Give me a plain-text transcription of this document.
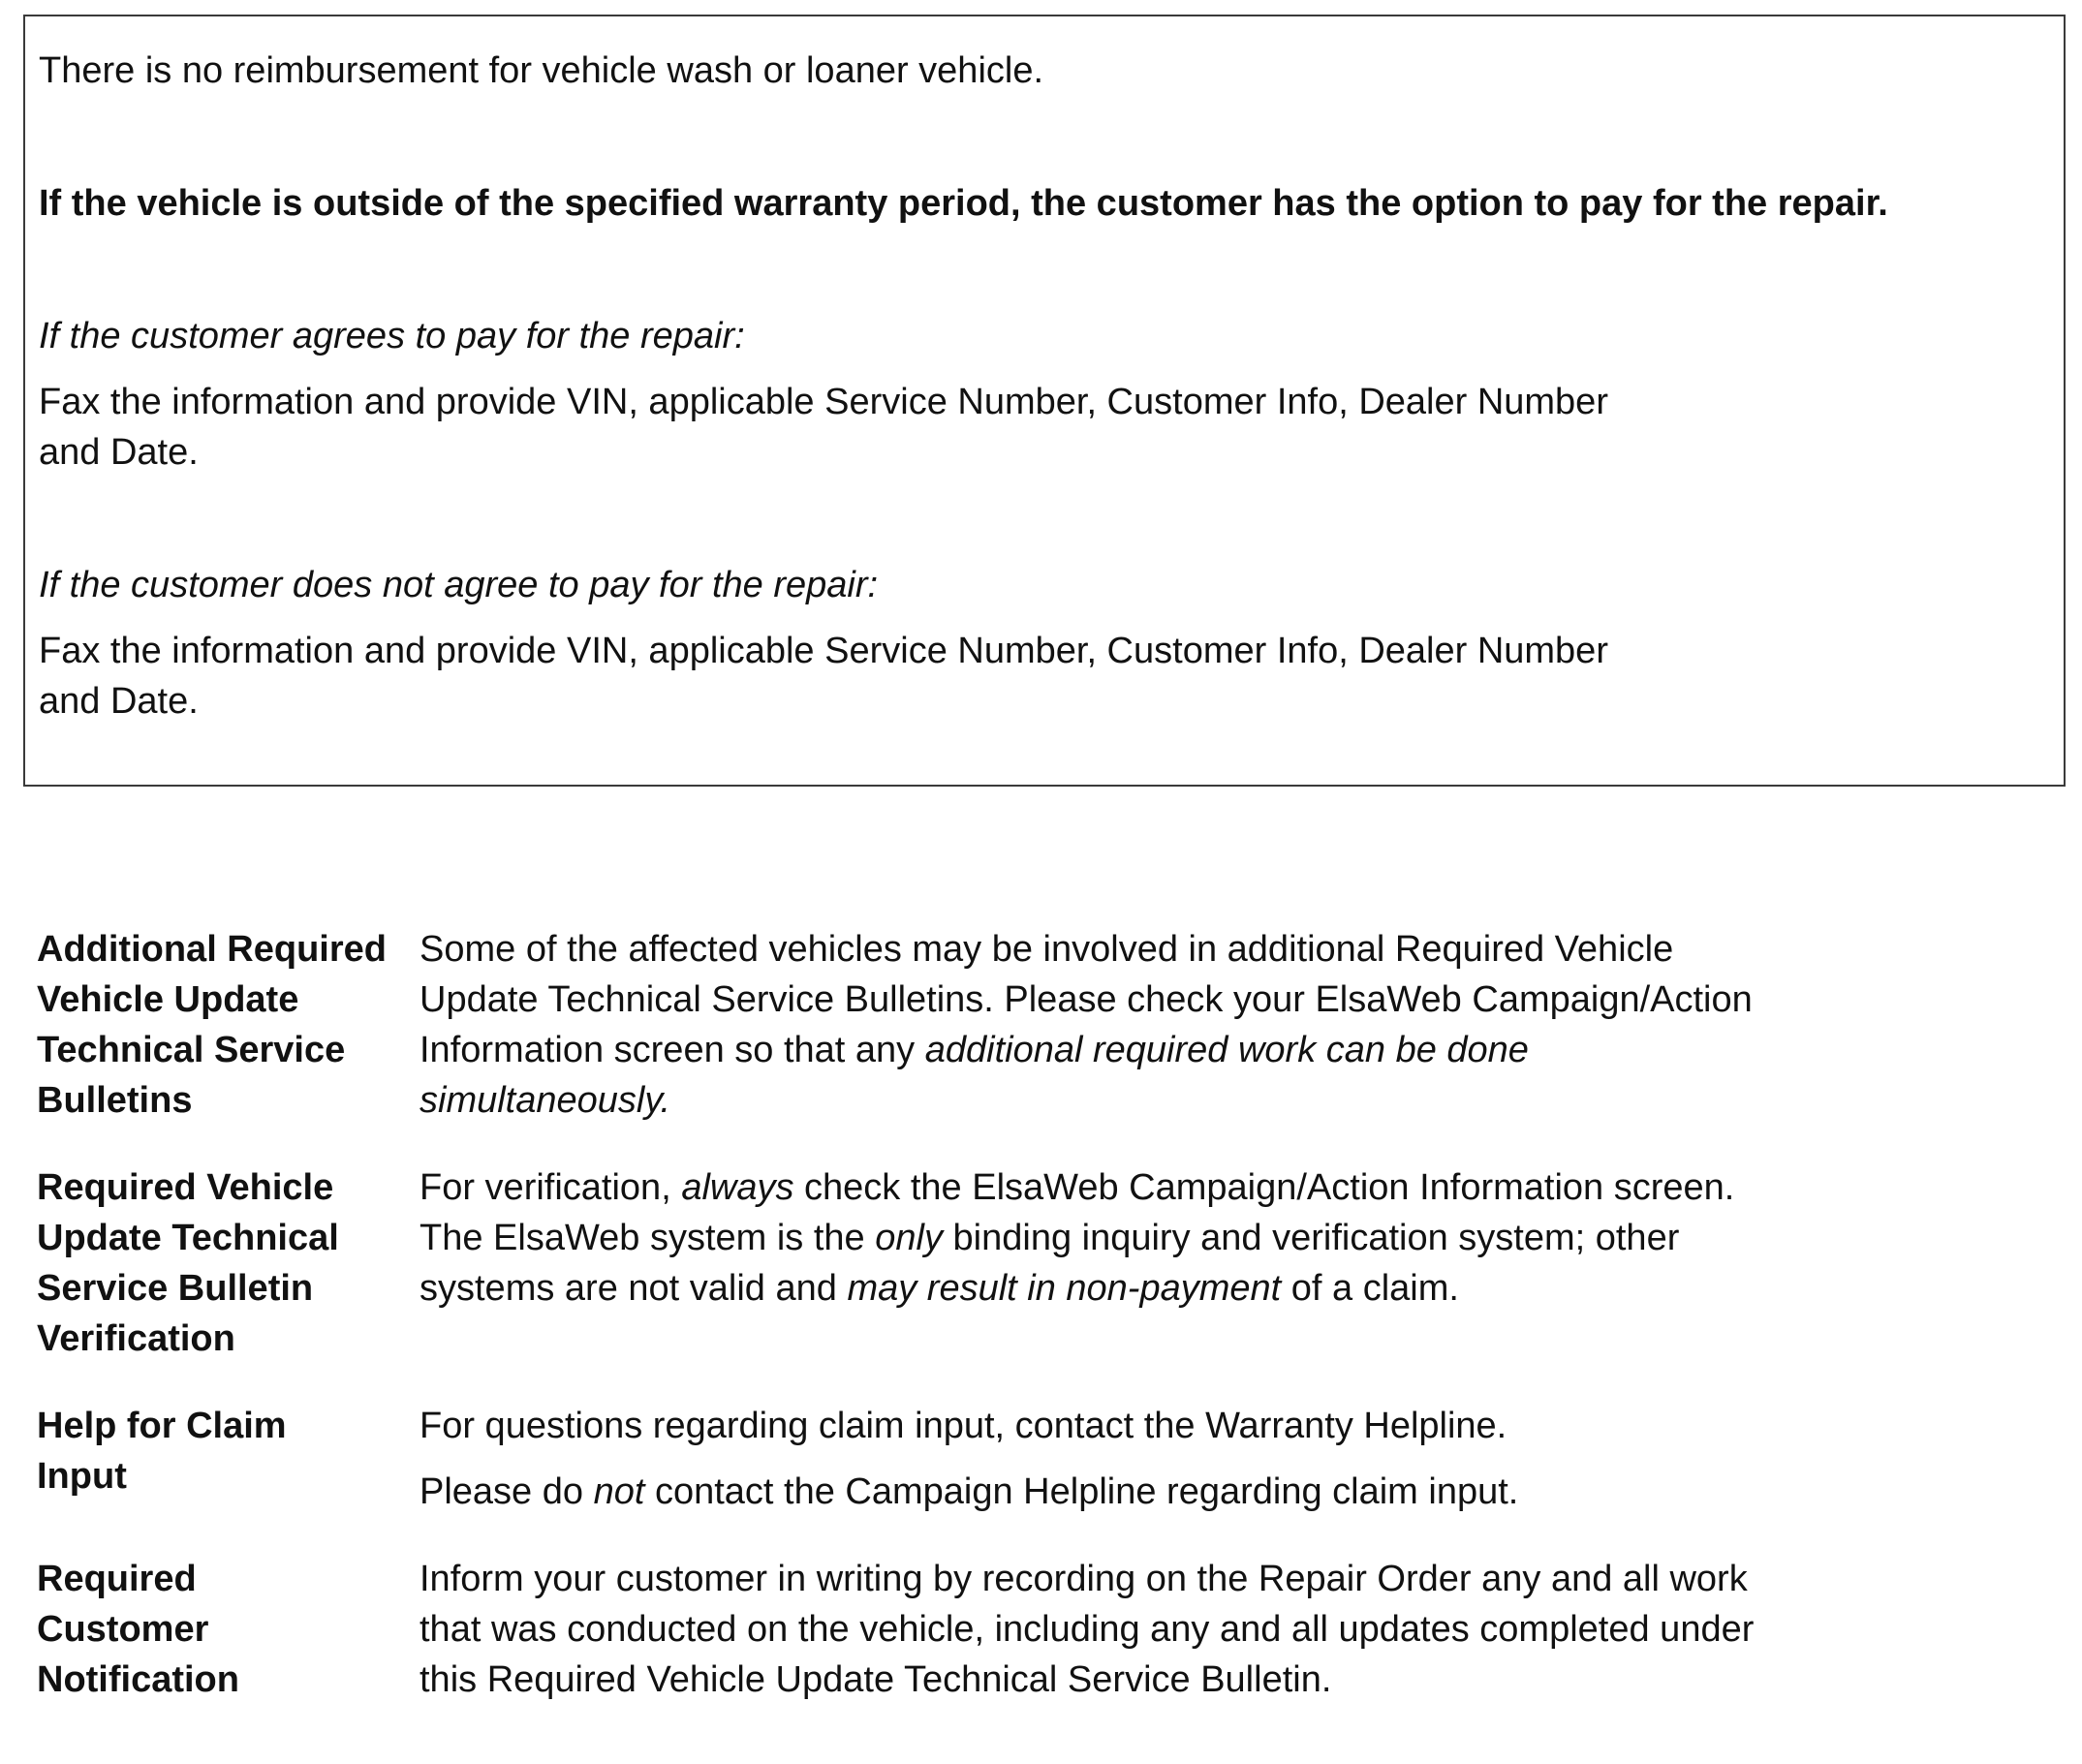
There is no reimbursement for vehicle wash or loaner vehicle.

If the vehicle is outside of the specified warranty period, the customer has the option to pay for the repair.

If the customer agrees to pay for the repair:

Fax the information and provide VIN, applicable Service Number, Customer Info, Dealer Number and Date.

If the customer does not agree to pay for the repair:

Fax the information and provide VIN, applicable Service Number, Customer Info, Dealer Number and Date.

Additional Required Vehicle Update Technical Service Bulletins

Some of the affected vehicles may be involved in additional Required Vehicle Update Technical Service Bulletins. Please check your ElsaWeb Campaign/Action Information screen so that any additional required work can be done simultaneously.

Required Vehicle Update Technical Service Bulletin Verification

For verification, always check the ElsaWeb Campaign/Action Information screen. The ElsaWeb system is the only binding inquiry and verification system; other systems are not valid and may result in non-payment of a claim.

Help for Claim Input

For questions regarding claim input, contact the Warranty Helpline.

Please do not contact the Campaign Helpline regarding claim input.

Required Customer Notification

Inform your customer in writing by recording on the Repair Order any and all work that was conducted on the vehicle, including any and all updates completed under this Required Vehicle Update Technical Service Bulletin.
